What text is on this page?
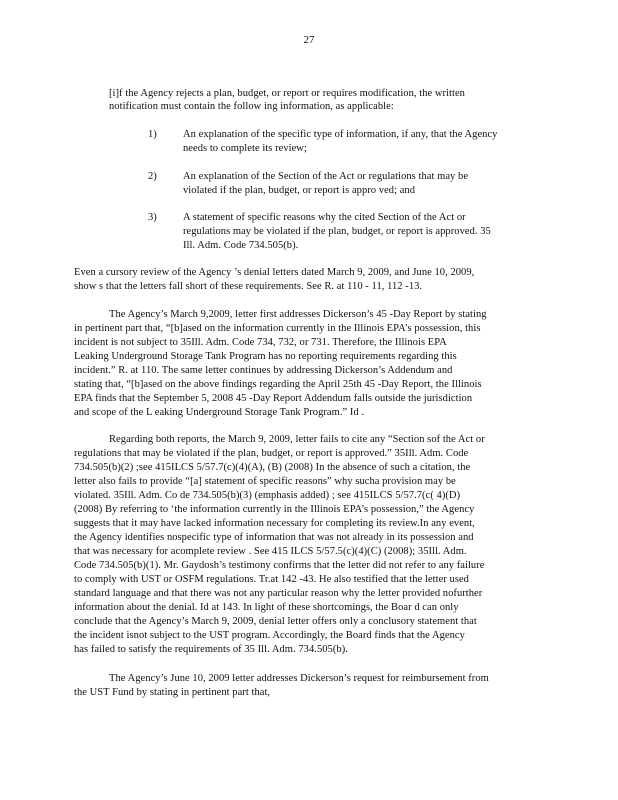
27
[i]f the Agency rejects a plan, budget, or report or requires modification, the written
notification must contain the follow ing information, as applicable:
1) An explanation of the specific type of information, if any, that the Agency
needs to complete its review;
2) An explanation of the Section of the Act or regulations that may be
violated if the plan, budget, or report is appro ved; and
3) A statement of specific reasons why the cited Section of the Act or
regulations may be violated if the plan, budget, or report is approved. 35
Ill. Adm. Code 734.505(b).
Even a cursory review of the Agency ’s denial letters dated March 9, 2009, and June 10, 2009,
show s that the letters fall short of these requirements. See R. at 110 - 11, 112 -13.
The Agency’s March 9,2009, letter first addresses Dickerson’s 45 -Day Report by stating
in pertinent part that, “[b]ased on the information currently in the Illinois EPA’s possession, this
incident is not subject to 35Ill. Adm. Code 734, 732, or 731. Therefore, the Illinois EPA
Leaking Underground Storage Tank Program has no reporting requirements regarding this
incident.” R. at 110. The same letter continues by addressing Dickerson’s Addendum and
stating that, “[b]ased on the above findings regarding the April 25th 45 -Day Report, the Illinois
EPA finds that the September 5, 2008 45 -Day Report Addendum falls outside the jurisdiction
and scope of the L eaking Underground Storage Tank Program.” Id .
Regarding both reports, the March 9, 2009, letter fails to cite any “Section sof the Act or
regulations that may be violated if the plan, budget, or report is approved.” 35Ill. Adm. Code
734.505(b)(2) ;see 415ILCS 5/57.7(c)(4)(A), (B) (2008) In the absence of such a citation, the
letter also fails to provide “[a] statement of specific reasons” why sucha provision may be
violated. 35Ill. Adm. Co de 734.505(b)(3) (emphasis added) ; see 415ILCS 5/57.7(c( 4)(D)
(2008) By referring to ‘the information currently in the Illinois EPA’s possession,” the Agency
suggests that it may have lacked information necessary for completing its review.In any event,
the Agency identifies nospecific type of information that was not already in its possession and
that was necessary for acomplete review . See 415 ILCS 5/57.5(c)(4)(C) (2008); 35Ill. Adm.
Code 734.505(b)(1). Mr. Gaydosh’s testimony confirms that the letter did not refer to any failure
to comply with UST or OSFM regulations. Tr.at 142 -43. He also testified that the letter used
standard language and that there was not any particular reason why the letter provided nofurther
information about the denial. Id at 143. In light of these shortcomings, the Boar d can only
conclude that the Agency’s March 9, 2009, denial letter offers only a conclusory statement that
the incident isnot subject to the UST program. Accordingly, the Board finds that the Agency
has failed to satisfy the requirements of 35 Ill. Adm. 734.505(b).
The Agency’s June 10, 2009 letter addresses Dickerson’s request for reimbursement from
the UST Fund by stating in pertinent part that,
